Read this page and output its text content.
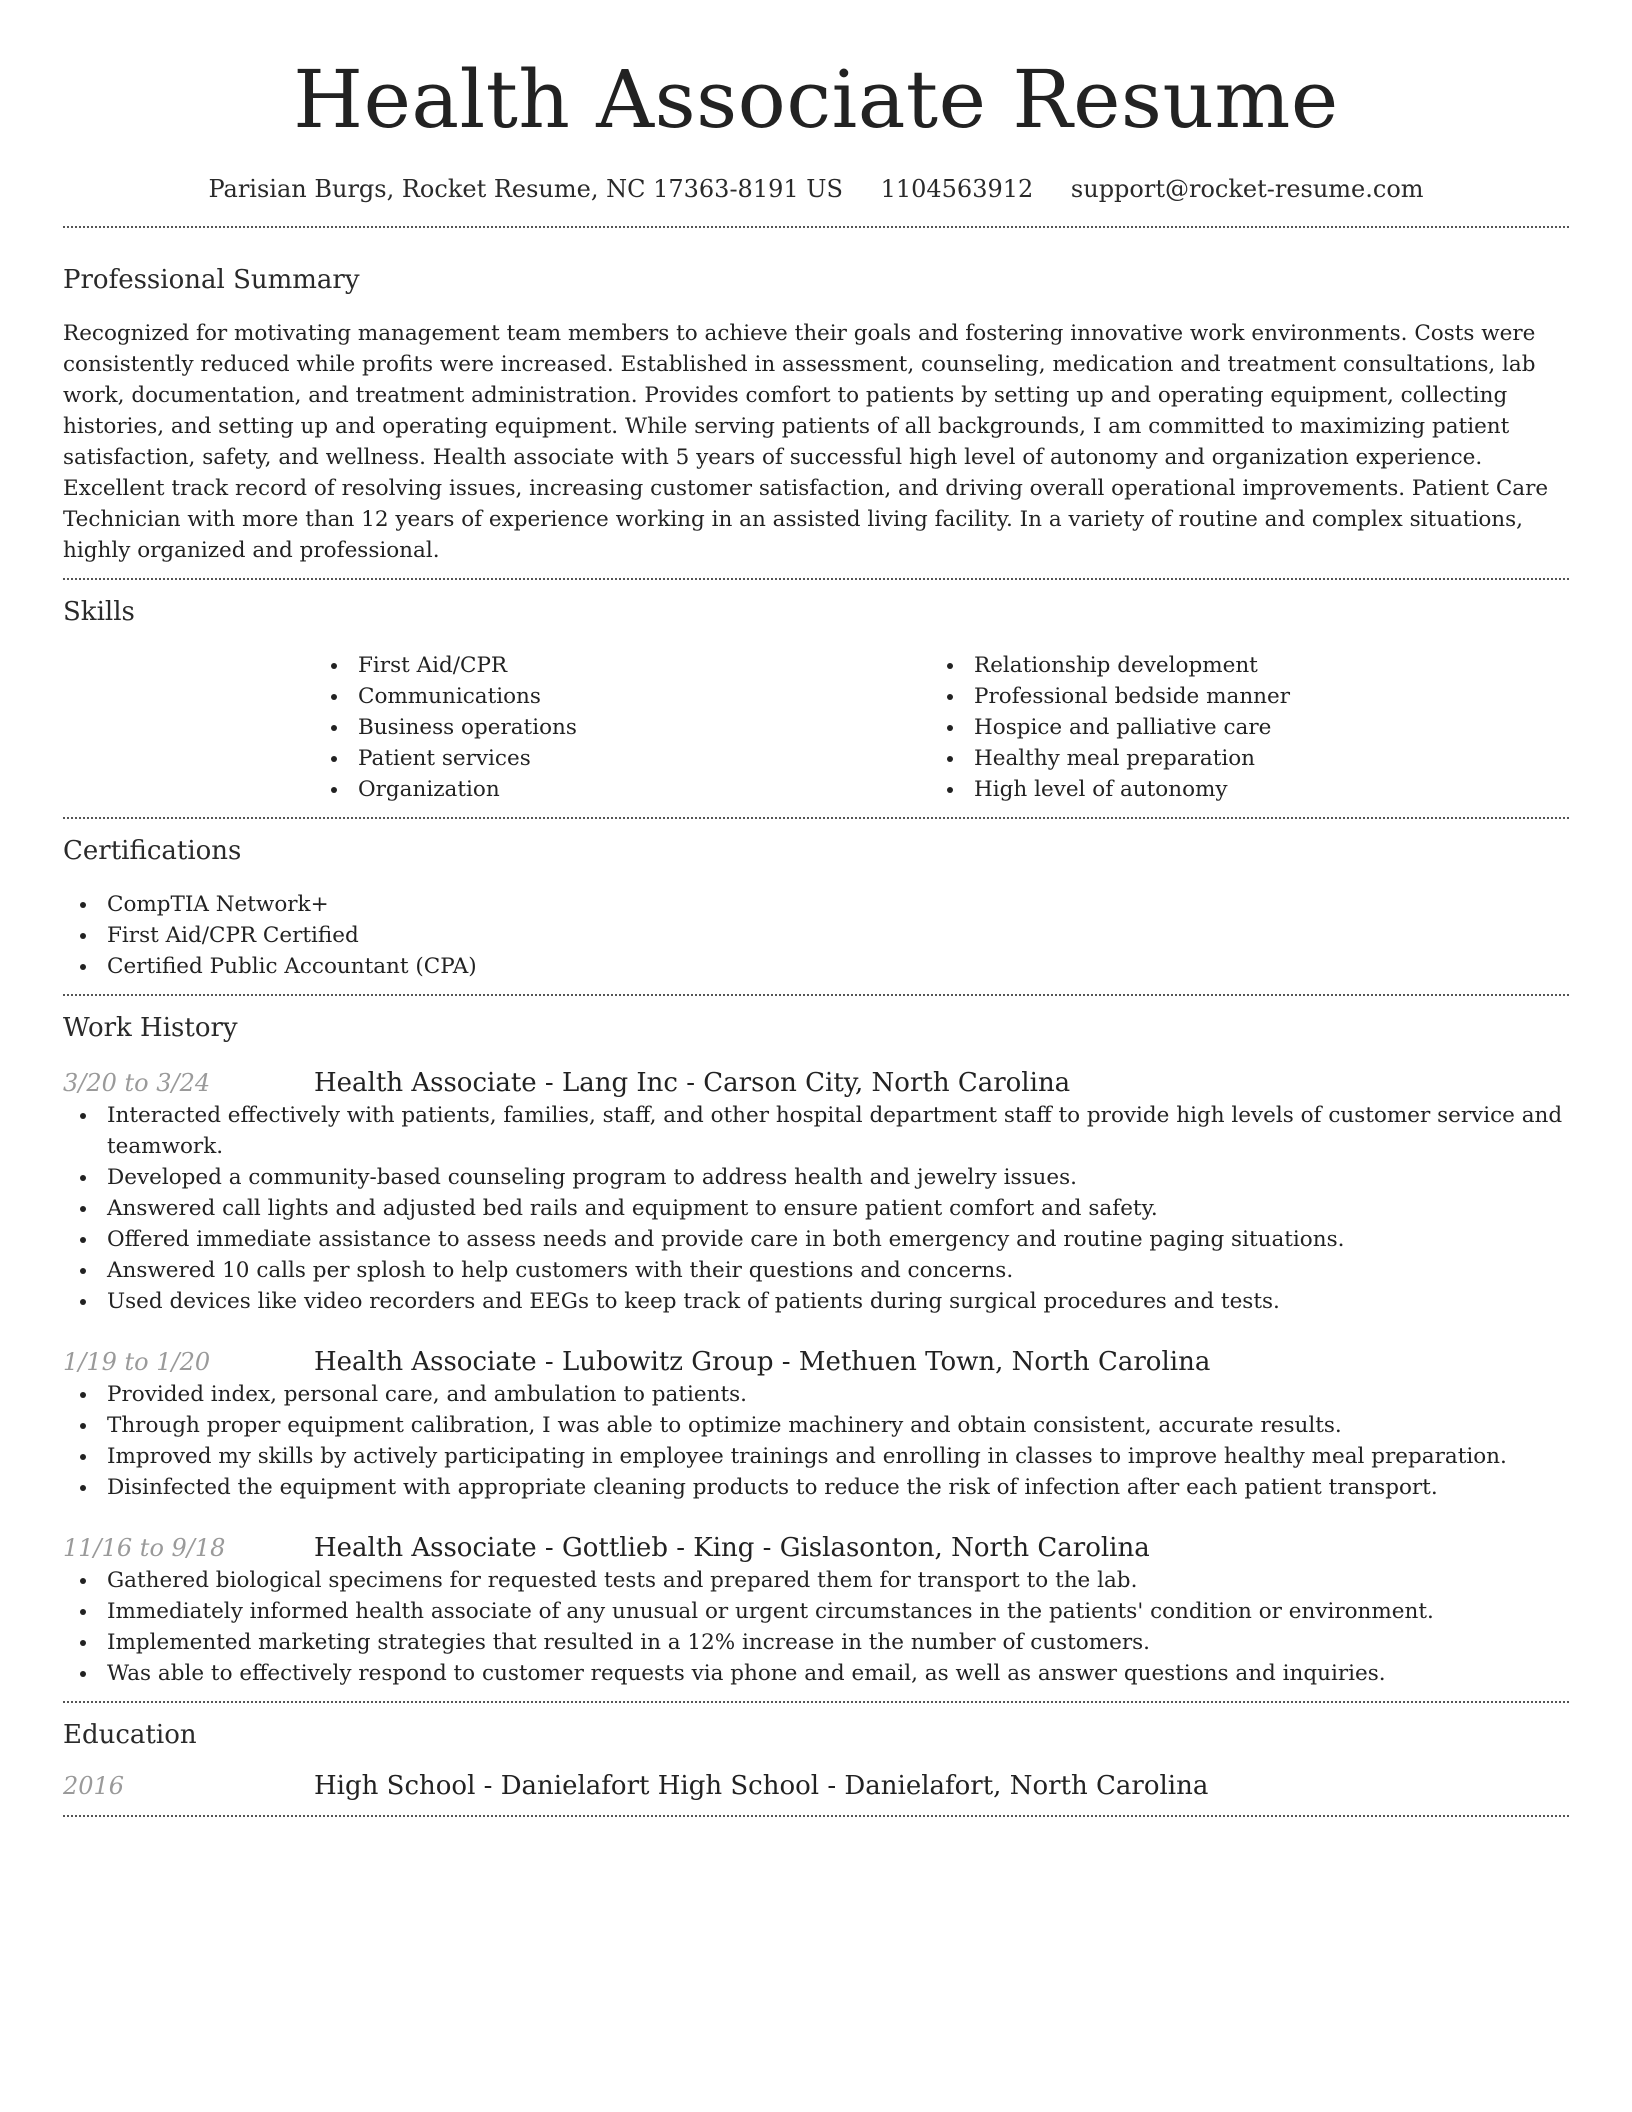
Health Associate Resume
Parisian Burgs, Rocket Resume, NC 17363-8191 US 1104563912 support@rocket-resume.com
Professional Summary

Recognized for motivating management team members to achieve their goals and fostering innovative work environments. Costs were consistently reduced while profits were increased. Established in assessment, counseling, medication and treatment consultations, lab work, documentation, and treatment administration. Provides comfort to patients by setting up and operating equipment, collecting histories, and setting up and operating equipment. While serving patients of all backgrounds, I am committed to maximizing patient satisfaction, safety, and wellness. Health associate with 5 years of successful high level of autonomy and organization experience. Excellent track record of resolving issues, increasing customer satisfaction, and driving overall operational improvements. Patient Care Technician with more than 12 years of experience working in an assisted living facility. In a variety of routine and complex situations, highly organized and professional.

Skills
First Aid/CPR
Communications
Business operations
Patient services
Organization
Relationship development
Professional bedside manner
Hospice and palliative care
Healthy meal preparation
High level of autonomy
Certifications
CompTIA Network+
First Aid/CPR Certified
Certified Public Accountant (CPA)
Work History
3/20 to 3/24	Health Associate - Lang Inc - Carson City, North Carolina
Interacted effectively with patients, families, staff, and other hospital department staff to provide high levels of customer service and teamwork.
Developed a community-based counseling program to address health and jewelry issues.
Answered call lights and adjusted bed rails and equipment to ensure patient comfort and safety.
Offered immediate assistance to assess needs and provide care in both emergency and routine paging situations.
Answered 10 calls per splosh to help customers with their questions and concerns.
Used devices like video recorders and EEGs to keep track of patients during surgical procedures and tests.
1/19 to 1/20	Health Associate - Lubowitz Group - Methuen Town, North Carolina
Provided index, personal care, and ambulation to patients.
Through proper equipment calibration, I was able to optimize machinery and obtain consistent, accurate results.
Improved my skills by actively participating in employee trainings and enrolling in classes to improve healthy meal preparation.
Disinfected the equipment with appropriate cleaning products to reduce the risk of infection after each patient transport.
11/16 to 9/18	Health Associate - Gottlieb - King - Gislasonton, North Carolina
Gathered biological specimens for requested tests and prepared them for transport to the lab.
Immediately informed health associate of any unusual or urgent circumstances in the patients' condition or environment.
Implemented marketing strategies that resulted in a 12% increase in the number of customers.
Was able to effectively respond to customer requests via phone and email, as well as answer questions and inquiries.
Education
2016	High School - Danielafort High School - Danielafort, North Carolina
